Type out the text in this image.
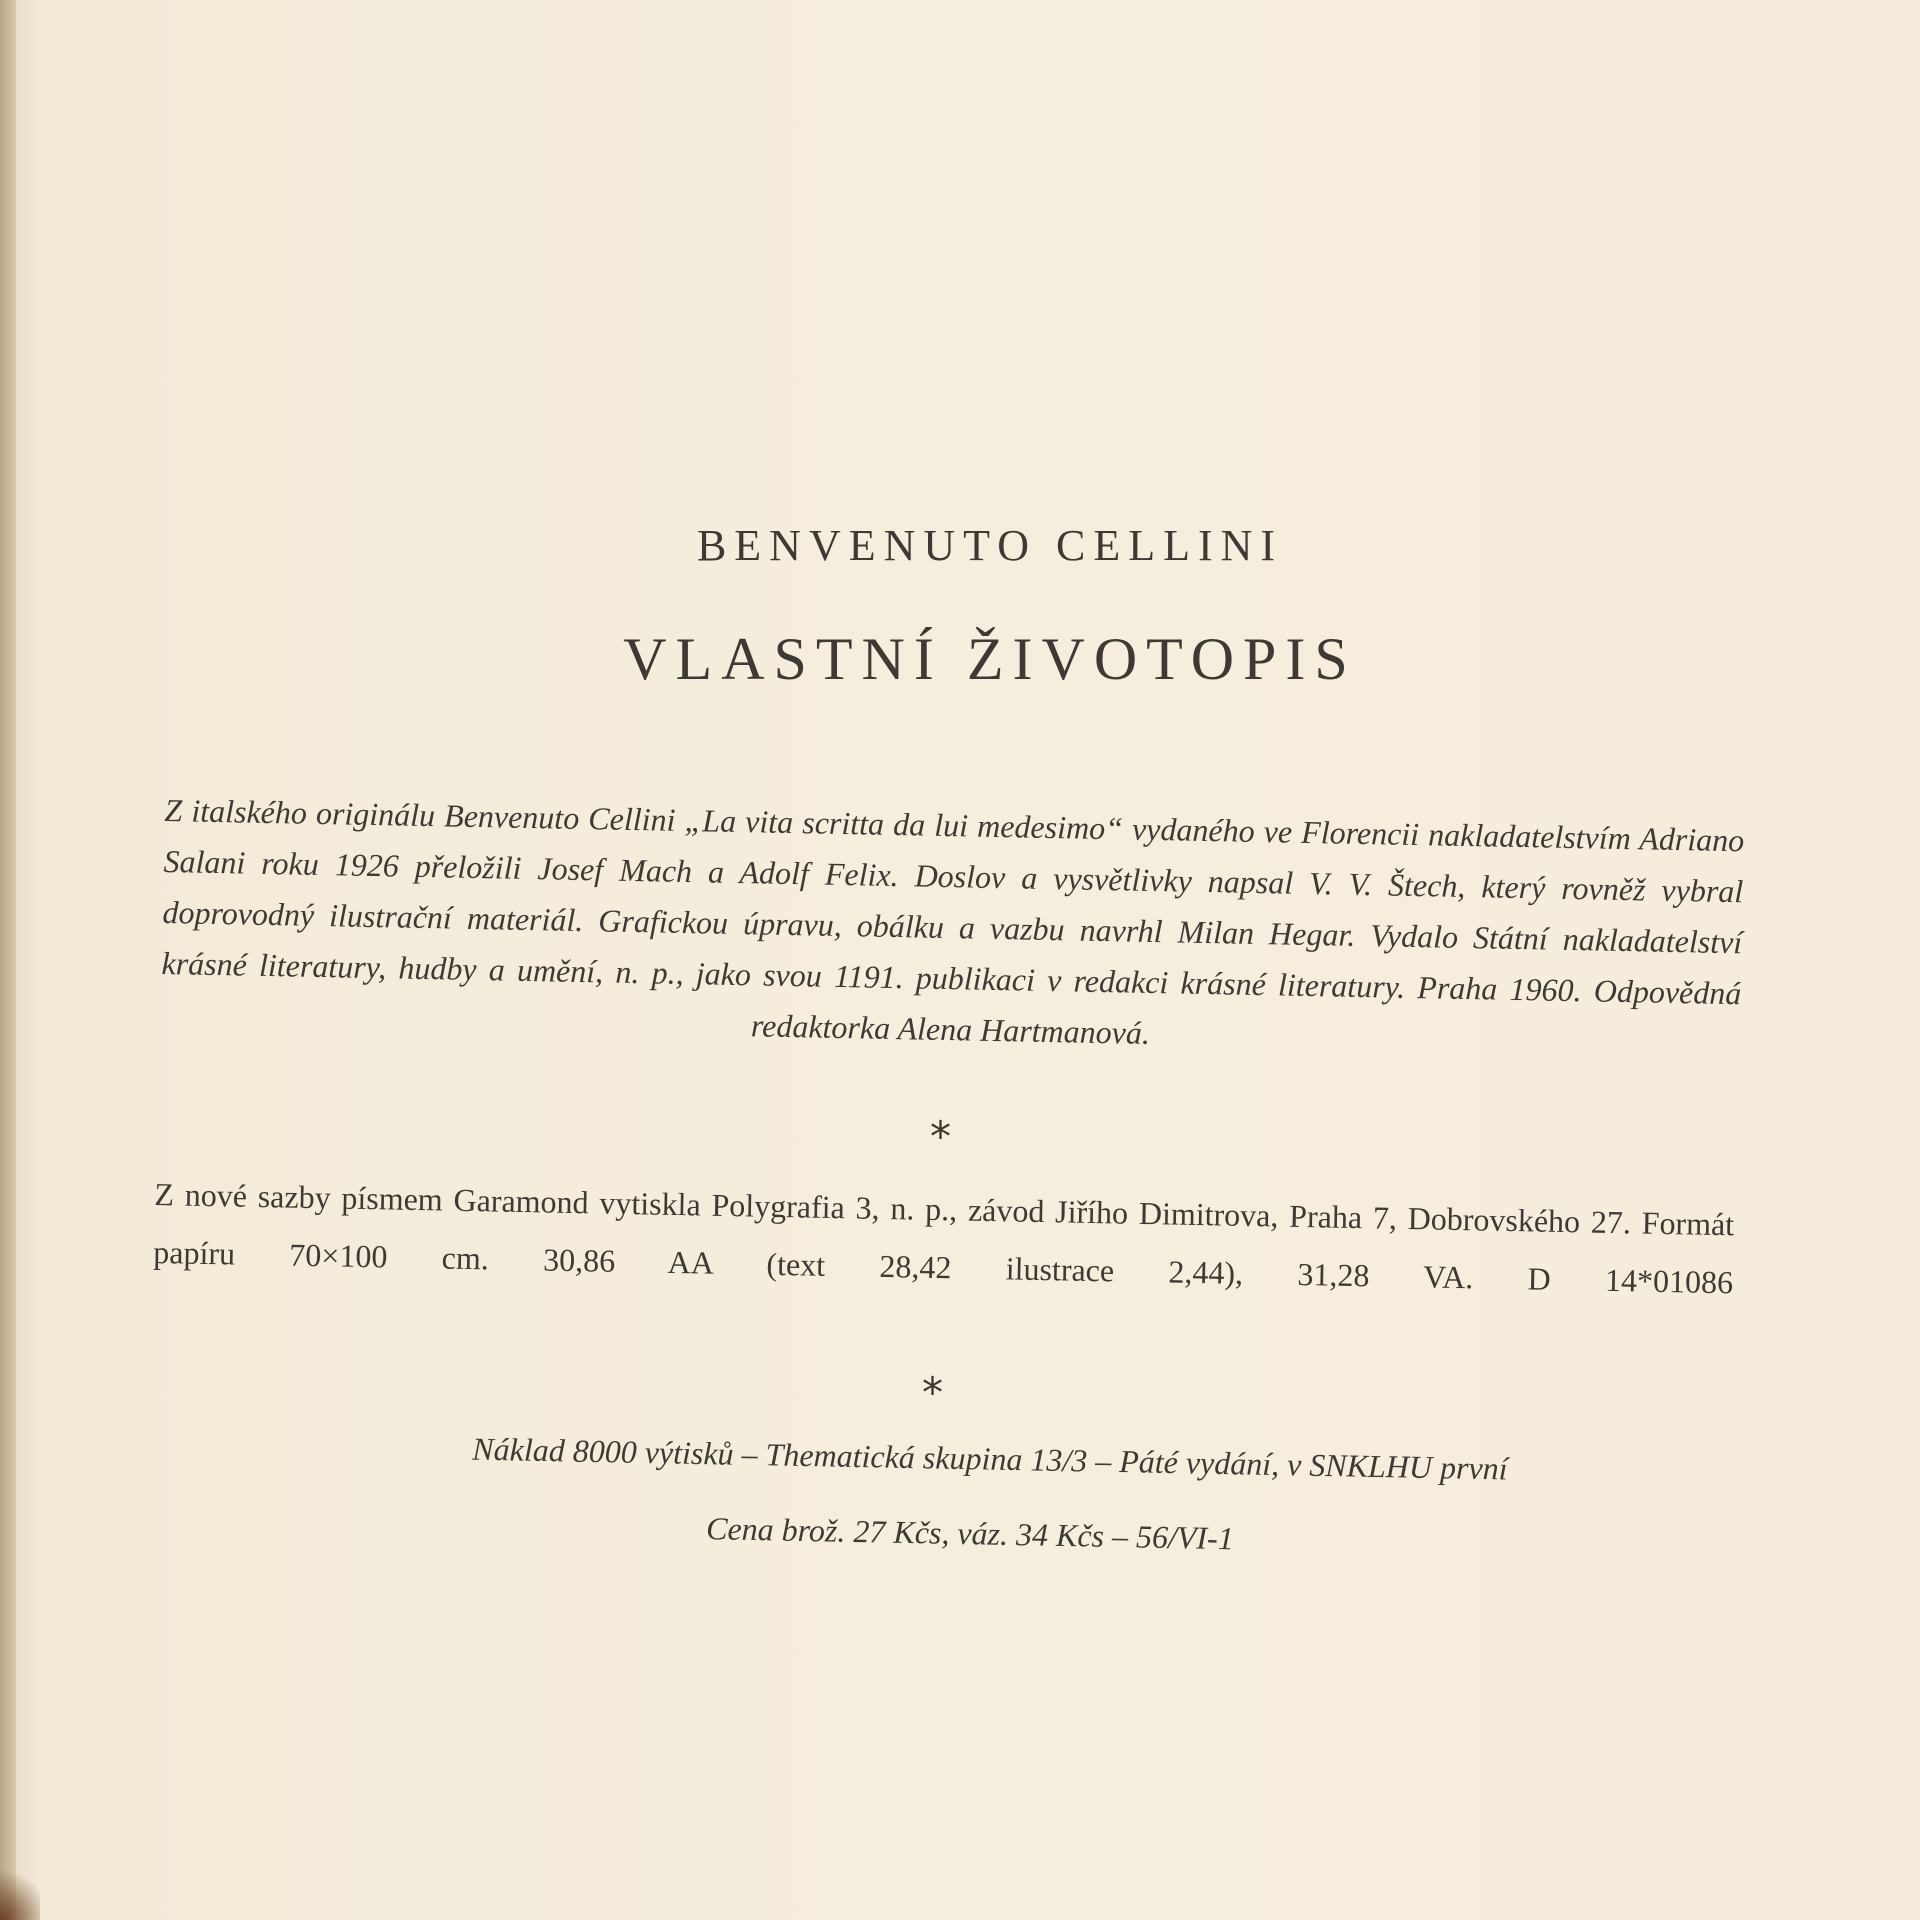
BENVENUTO CELLINI
VLASTNÍ ŽIVOTOPIS
Z italského originálu Benvenuto Cellini „La vita scritta da lui medesimo“ vydaného ve Florencii nakladatelstvím Adriano Salani roku 1926 přeložili Josef Mach a Adolf Felix. Doslov a vysvětlivky napsal V. V. Štech, který rovněž vybral doprovodný ilustrační materiál. Grafickou úpravu, obálku a vazbu navrhl Milan Hegar. Vydalo Státní nakladatelství krásné literatury, hudby a umění, n. p., jako svou 1191. publikaci v redakci krásné literatury. Praha 1960. Odpovědná redaktorka Alena Hartmanová.
*
Z nové sazby písmem Garamond vytiskla Polygrafia 3, n. p., závod Jiřího Dimitrova, Praha 7, Dobrovského 27. Formát papíru 70×100 cm. 30,86 AA (text 28,42 ilustrace 2,44), 31,28 VA. D 14*01086
*
Náklad 8000 výtisků – Thematická skupina 13/3 – Páté vydání, v SNKLHU první
Cena brož. 27 Kčs, váz. 34 Kčs – 56/VI-1
